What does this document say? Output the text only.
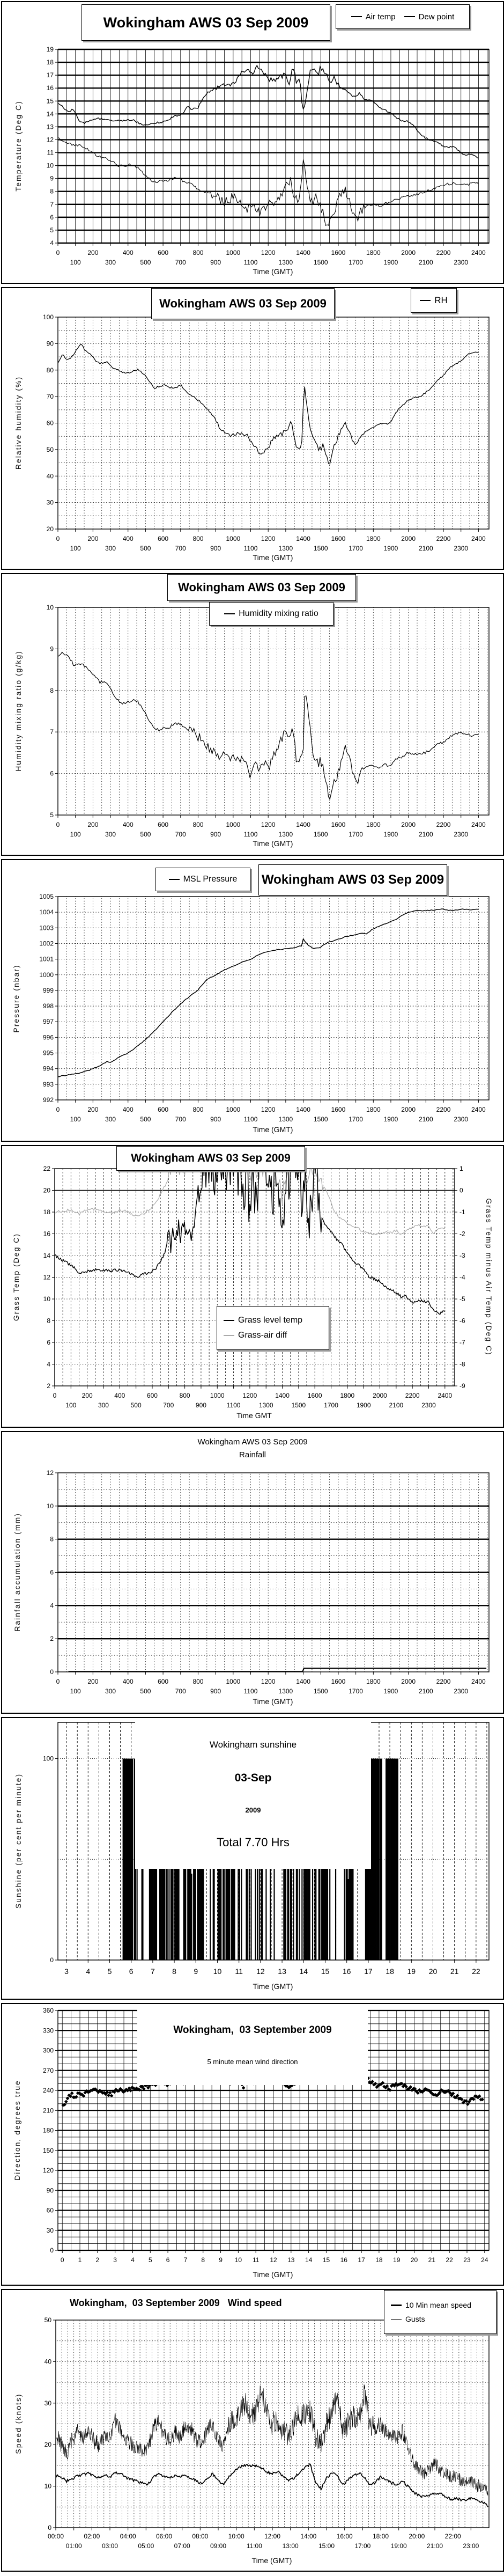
4
5
6
7
8
9
10
11
12
13
14
15
16
17
18
19
0	200	400	600	800	1000	1200	1400	1600	1800	2000	2200	2400
100	300	500	700	900	1100	1300	1500	1700	1900	2100	2300
Wokingham AWS 03 Sep 2009	Air temp	Dew point
Temperature (Deg C)
Time (GMT)
20
30
40
50
60
70
80
90
100
0	200	400	600	800	1000	1200	1400	1600	1800	2000	2200	2400
100	300	500	700	900	1100	1300	1500	1700	1900	2100	2300
Wokingham AWS 03 Sep 2009	RH
Relative humidity (%)
Time (GMT)
5
6
7
8
9
10
0	200	400	600	800	1000	1200	1400	1600	1800	2000	2200	2400
100	300	500	700	900	1100	1300	1500	1700	1900	2100	2300
Wokingham AWS 03 Sep 2009
Humidity mixing ratio
Humidity mixing ratio (g/kg)
Time (GMT)
992
993
994
995
996
997
998
999
1000
1001
1002
1003
1004
1005
0	200	400	600	800	1000	1200	1400	1600	1800	2000	2200	2400
100	300	500	700	900	1100	1300	1500	1700	1900	2100	2300
MSL Pressure Wokingham AWS 03 Sep 2009
Pressure (nbar)
Time (GMT)
2
4
6
8
10
12
14
16
18
20
22
-9
-8
-7
-6
-5
-4
-3
-2
-1
0
1
0	200	400	600	800	1000	1200	1400	1600	1800	2000	2200	2400
100	300	500	700	900	1100	1300	1500	1700	1900	2100	2300
Wokingham AWS 03 Sep 2009
Grass level temp
Grass-air diff
Grass Temp (Deg C)	Grass Temp minus Air Temp (Deg C)
Time GMT
0
2
4
6
8
10
12
0	200	400	600	800	1000	1200	1400	1600	1800	2000	2200	2400
100	300	500	700	900	1100	1300	1500	1700	1900	2100	2300
Wokingham AWS 03 Sep 2009
Rainfall
Rainfall accumulation (mm)
Time (GMT)
0
100
3 4 5 6 7 8 9 10 11 12 13 14 15 16 17 18 19 20 21 22

Wokingham sunshine

03-Sep

2009

Total 7.70 Hrs

Sunshine (per cent per minute)
Time (GMT)
0
30
60
90
120
150
180
210
240
270
300
330
360
0 1 2 3 4 5 6 7 8 9 10 11 12 13 14 15 16 17 18 19 20 21 22 23 24

Wokingham,  03 September 2009

5 minute mean wind direction

Direction, degrees true
Time (GMT)
0
10
20
30
40
50
00:00	02:00	04:00	06:00	08:00	10:00	12:00	14:00	16:00	18:00	20:00	22:00
01:00	03:00	05:00	07:00	09:00	11:00	13:00	15:00	17:00	19:00	21:00	23:00
Wokingham,  03 September 2009   Wind speed	10 Min mean speed
Gusts
Speed (knots)
Time (GMT)
